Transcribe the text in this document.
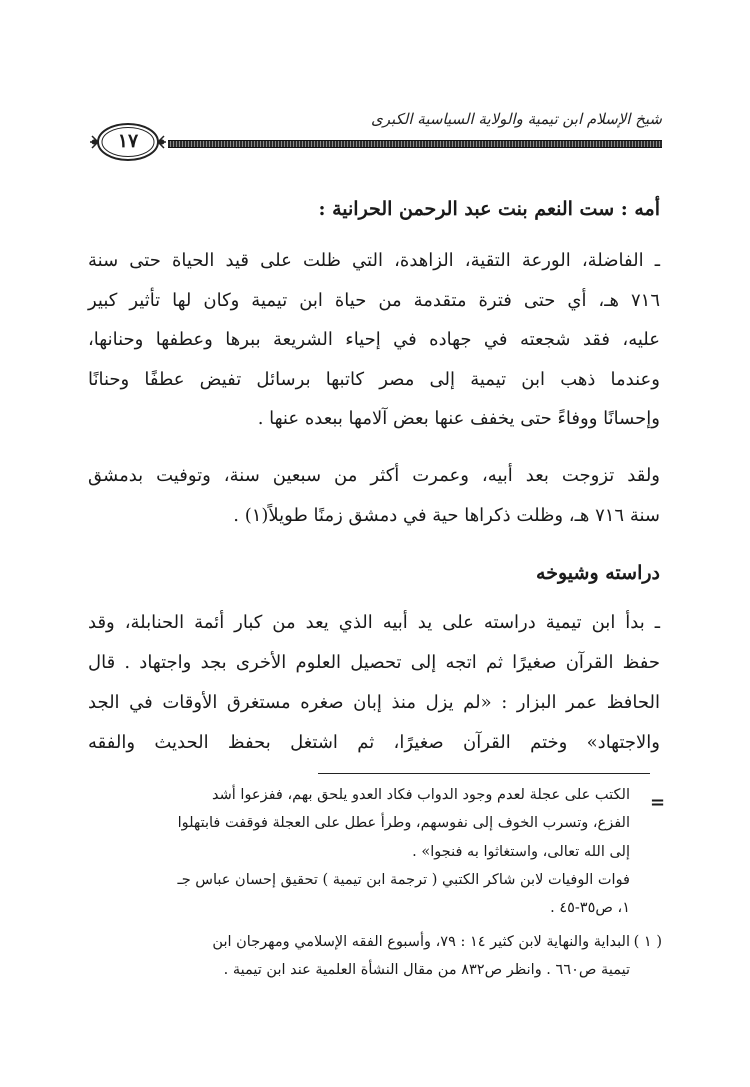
شيخ الإسلام ابن تيمية والولاية السياسية الكبرى
١٧
أمه : ست النعم بنت عبد الرحمن الحرانية :
ـ الفاضلة، الورعة التقية، الزاهدة، التي ظلت على قيد الحياة حتى سنة
٧١٦ هـ، أي حتى فترة متقدمة من حياة ابن تيمية وكان لها تأثير كبير
عليه، فقد شجعته في جهاده في إحياء الشريعة ببرها وعطفها وحنانها،
وعندما ذهب ابن تيمية إلى مصر كاتبها برسائل تفيض عطفًا وحنانًا
وإحسانًا ووفاءً حتى يخفف عنها بعض آلامها ببعده عنها .
ولقد تزوجت بعد أبيه، وعمرت أكثر من سبعين سنة، وتوفيت بدمشق
سنة ٧١٦ هـ، وظلت ذكراها حية في دمشق زمنًا طويلاً(١) .
دراسته وشيوخه
ـ بدأ ابن تيمية دراسته على يد أبيه الذي يعد من كبار أئمة الحنابلة، وقد
حفظ القرآن صغيرًا ثم اتجه إلى تحصيل العلوم الأخرى بجد واجتهاد . قال
الحافظ عمر البزار : «لم يزل منذ إبان صغره مستغرق الأوقات في الجد
والاجتهاد» وختم القرآن صغيرًا، ثم اشتغل بحفظ الحديث والفقه
=
الكتب على عجلة لعدم وجود الدواب فكاد العدو يلحق بهم، ففزعوا أشد
الفزع، وتسرب الخوف إلى نفوسهم، وطرأ عطل على العجلة فوقفت فابتهلوا
إلى الله تعالى، واستغاثوا به فنجوا» .
فوات الوفيات لابن شاكر الكتبي ( ترجمة ابن تيمية ) تحقيق إحسان عباس جـ
١، ص٣٥-٤٥ .
( ١ )
البداية والنهاية لابن كثير ١٤ : ٧٩، وأسبوع الفقه الإسلامي ومهرجان ابن
تيمية ص٦٦٠ . وانظر ص٨٣٢ من مقال النشأة العلمية عند ابن تيمية .
